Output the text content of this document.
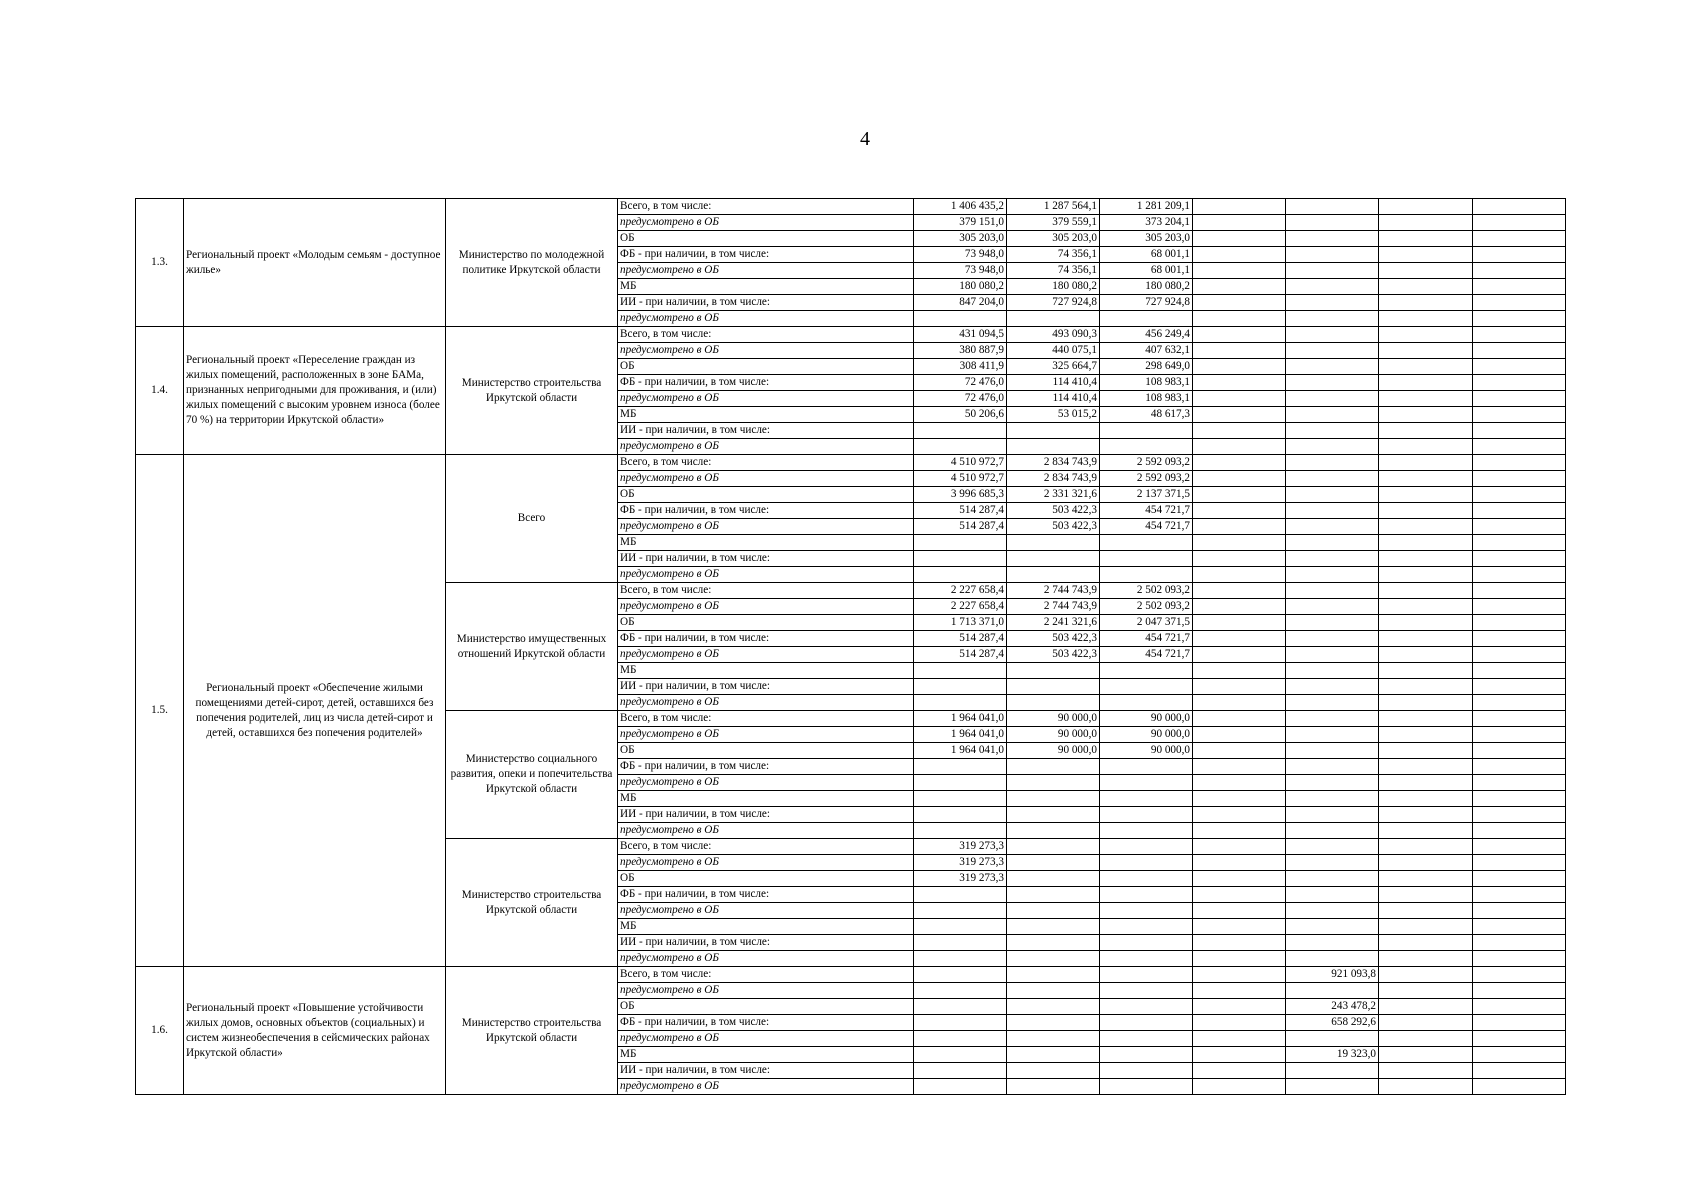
4
1.3.	Региональный проект «Молодым семьям - доступное жилье»	Министерство по молодежной политике Иркутской области	Всего, в том числе:	1 406 435,2	1 287 564,1	1 281 209,1				
			предусмотрено в ОБ	379 151,0	379 559,1	373 204,1				
			ОБ	305 203,0	305 203,0	305 203,0				
			ФБ - при наличии, в том числе:	73 948,0	74 356,1	68 001,1				
			предусмотрено в ОБ	73 948,0	74 356,1	68 001,1				
			МБ	180 080,2	180 080,2	180 080,2				
			ИИ - при наличии, в том числе:	847 204,0	727 924,8	727 924,8				
			предусмотрено в ОБ							
1.4.	Региональный проект «Переселение граждан из жилых помещений, расположенных в зоне БАМа, признанных непригодными для проживания, и (или) жилых помещений с высоким уровнем износа (более 70 %) на территории Иркутской области»	Министерство строительства Иркутской области	Всего, в том числе:	431 094,5	493 090,3	456 249,4				
			предусмотрено в ОБ	380 887,9	440 075,1	407 632,1				
			ОБ	308 411,9	325 664,7	298 649,0				
			ФБ - при наличии, в том числе:	72 476,0	114 410,4	108 983,1				
			предусмотрено в ОБ	72 476,0	114 410,4	108 983,1				
			МБ	50 206,6	53 015,2	48 617,3				
			ИИ - при наличии, в том числе:							
			предусмотрено в ОБ							
1.5.	Региональный проект «Обеспечение жилыми помещениями детей-сирот, детей, оставшихся без попечения родителей, лиц из числа детей-сирот и детей, оставшихся без попечения родителей»	Всего	Всего, в том числе:	4 510 972,7	2 834 743,9	2 592 093,2				
			предусмотрено в ОБ	4 510 972,7	2 834 743,9	2 592 093,2				
			ОБ	3 996 685,3	2 331 321,6	2 137 371,5				
			ФБ - при наличии, в том числе:	514 287,4	503 422,3	454 721,7				
			предусмотрено в ОБ	514 287,4	503 422,3	454 721,7				
			МБ							
			ИИ - при наличии, в том числе:							
			предусмотрено в ОБ							
		Министерство имущественных отношений Иркутской области	Всего, в том числе:	2 227 658,4	2 744 743,9	2 502 093,2				
			предусмотрено в ОБ	2 227 658,4	2 744 743,9	2 502 093,2				
			ОБ	1 713 371,0	2 241 321,6	2 047 371,5				
			ФБ - при наличии, в том числе:	514 287,4	503 422,3	454 721,7				
			предусмотрено в ОБ	514 287,4	503 422,3	454 721,7				
			МБ							
			ИИ - при наличии, в том числе:							
			предусмотрено в ОБ							
		Министерство социального развития, опеки и попечительства Иркутской области	Всего, в том числе:	1 964 041,0	90 000,0	90 000,0				
			предусмотрено в ОБ	1 964 041,0	90 000,0	90 000,0				
			ОБ	1 964 041,0	90 000,0	90 000,0				
			ФБ - при наличии, в том числе:							
			предусмотрено в ОБ							
			МБ							
			ИИ - при наличии, в том числе:							
			предусмотрено в ОБ							
		Министерство строительства Иркутской области	Всего, в том числе:	319 273,3						
			предусмотрено в ОБ	319 273,3						
			ОБ	319 273,3						
			ФБ - при наличии, в том числе:							
			предусмотрено в ОБ							
			МБ							
			ИИ - при наличии, в том числе:							
			предусмотрено в ОБ							
1.6.	Региональный проект «Повышение устойчивости жилых домов, основных объектов (социальных) и систем жизнеобеспечения в сейсмических районах Иркутской области»	Министерство строительства Иркутской области	Всего, в том числе:					921 093,8		
			предусмотрено в ОБ							
			ОБ					243 478,2		
			ФБ - при наличии, в том числе:					658 292,6		
			предусмотрено в ОБ							
			МБ					19 323,0		
			ИИ - при наличии, в том числе:							
			предусмотрено в ОБ							
